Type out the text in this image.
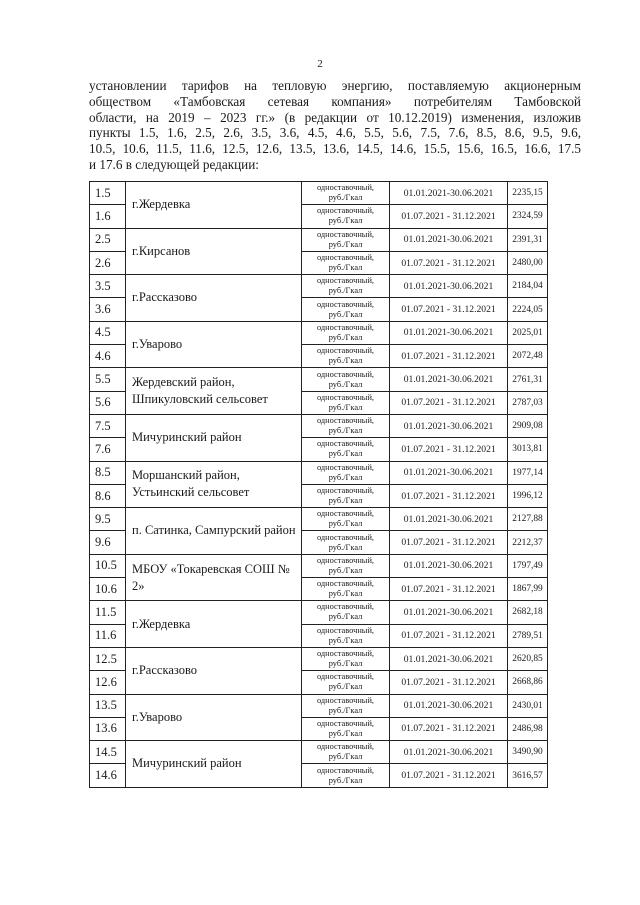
2
установлении тарифов на тепловую энергию, поставляемую акционерным
обществом «Тамбовская сетевая компания» потребителям Тамбовской
области, на 2019 – 2023 гг.» (в редакции от 10.12.2019) изменения, изложив
пункты 1.5, 1.6, 2.5, 2.6, 3.5, 3.6, 4.5, 4.6, 5.5, 5.6, 7.5, 7.6, 8.5, 8.6, 9.5, 9.6,
10.5, 10.6, 11.5, 11.6, 12.5, 12.6, 13.5, 13.6, 14.5, 14.6, 15.5, 15.6, 16.5, 16.6, 17.5
и 17.6 в следующей редакции:
1.5	г.Жердевка	одноставочный,
руб./Гкал	01.01.2021-30.06.2021	2235,15
1.6		одноставочный,
руб./Гкал	01.07.2021 - 31.12.2021	2324,59
2.5	г.Кирсанов	одноставочный,
руб./Гкал	01.01.2021-30.06.2021	2391,31
2.6		одноставочный,
руб./Гкал	01.07.2021 - 31.12.2021	2480,00
3.5	г.Рассказово	одноставочный,
руб./Гкал	01.01.2021-30.06.2021	2184,04
3.6		одноставочный,
руб./Гкал	01.07.2021 - 31.12.2021	2224,05
4.5	г.Уварово	одноставочный,
руб./Гкал	01.01.2021-30.06.2021	2025,01
4.6		одноставочный,
руб./Гкал	01.07.2021 - 31.12.2021	2072,48
5.5	Жердевский район, Шпикуловский сельсовет	одноставочный,
руб./Гкал	01.01.2021-30.06.2021	2761,31
5.6		одноставочный,
руб./Гкал	01.07.2021 - 31.12.2021	2787,03
7.5	Мичуринский район	одноставочный,
руб./Гкал	01.01.2021-30.06.2021	2909,08
7.6		одноставочный,
руб./Гкал	01.07.2021 - 31.12.2021	3013,81
8.5	Моршанский район, Устьинский сельсовет	одноставочный,
руб./Гкал	01.01.2021-30.06.2021	1977,14
8.6		одноставочный,
руб./Гкал	01.07.2021 - 31.12.2021	1996,12
9.5	п. Сатинка, Сампурский район	одноставочный,
руб./Гкал	01.01.2021-30.06.2021	2127,88
9.6		одноставочный,
руб./Гкал	01.07.2021 - 31.12.2021	2212,37
10.5	МБОУ «Токаревская СОШ № 2»	одноставочный,
руб./Гкал	01.01.2021-30.06.2021	1797,49
10.6		одноставочный,
руб./Гкал	01.07.2021 - 31.12.2021	1867,99
11.5	г.Жердевка	одноставочный,
руб./Гкал	01.01.2021-30.06.2021	2682,18
11.6		одноставочный,
руб./Гкал	01.07.2021 - 31.12.2021	2789,51
12.5	г.Рассказово	одноставочный,
руб./Гкал	01.01.2021-30.06.2021	2620,85
12.6		одноставочный,
руб./Гкал	01.07.2021 - 31.12.2021	2668,86
13.5	г.Уварово	одноставочный,
руб./Гкал	01.01.2021-30.06.2021	2430,01
13.6		одноставочный,
руб./Гкал	01.07.2021 - 31.12.2021	2486,98
14.5	Мичуринский район	одноставочный,
руб./Гкал	01.01.2021-30.06.2021	3490,90
14.6		одноставочный,
руб./Гкал	01.07.2021 - 31.12.2021	3616,57
